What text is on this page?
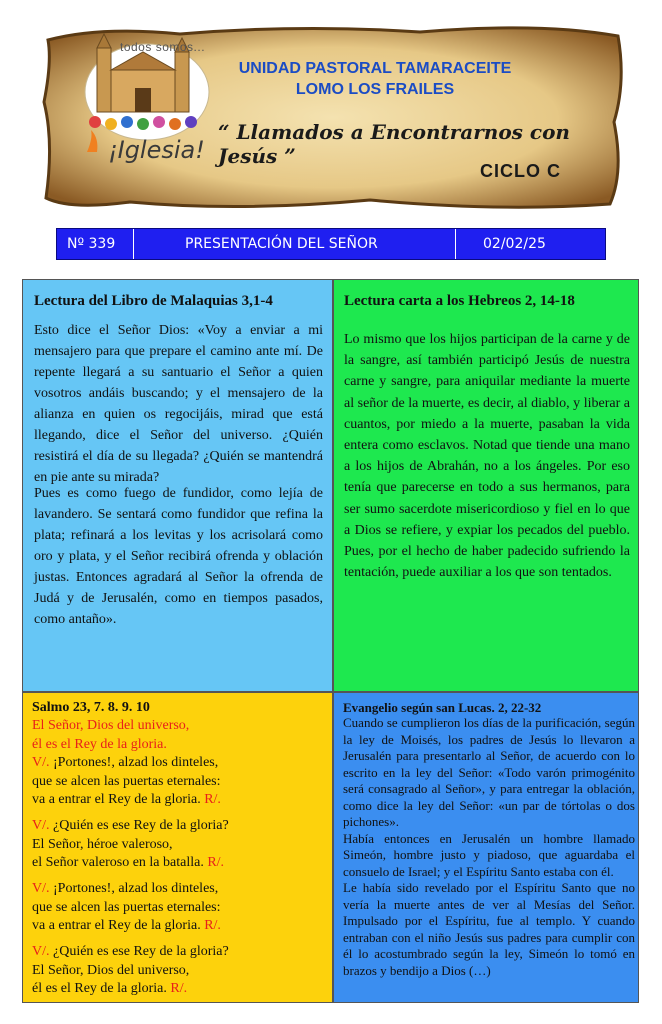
todos somos...
¡Iglesia!
UNIDAD PASTORAL TAMARACEITE
LOMO LOS FRAILES
“ Llamados a Encontrarnos con Jesús ”
CICLO C
Nº 339	PRESENTACIÓN DEL SEÑOR	02/02/25

Lectura del Libro de Malaquias 3,1-4

Esto dice el Señor Dios: «Voy a enviar a mi mensajero para que prepare el camino ante mí. De repente llegará a su santuario el Señor a quien vosotros andáis buscando; y el mensajero de la alianza en quien os regocijáis, mirad que está llegando, dice el Señor del universo. ¿Quién resistirá el día de su llegada? ¿Quién se mantendrá en pie ante su mirada?

Pues es como fuego de fundidor, como lejía de lavandero. Se sentará como fundidor que refina la plata; refinará a los levitas y los acrisolará como oro y plata, y el Señor recibirá ofrenda y oblación justas. Entonces agradará al Señor la ofrenda de Judá y de Jerusalén, como en tiempos pasados, como antaño».

Lectura carta a los Hebreos 2, 14-18

Lo mismo que los hijos participan de la carne y de la sangre, así también participó Jesús de nuestra carne y sangre, para aniquilar mediante la muerte al señor de la muerte, es decir, al diablo, y liberar a cuantos, por miedo a la muerte, pasaban la vida entera como esclavos. Notad que tiende una mano a los hijos de Abrahán, no a los ángeles. Por eso tenía que parecerse en todo a sus hermanos, para ser sumo sacerdote misericordioso y fiel en lo que a Dios se refiere, y expiar los pecados del pueblo. Pues, por el hecho de haber padecido sufriendo la tentación, puede auxiliar a los que son tentados.

Salmo 23, 7. 8. 9. 10

El Señor, Dios del universo,
él es el Rey de la gloria.
V/. ¡Portones!, alzad los dinteles,
que se alcen las puertas eternales:
va a entrar el Rey de la gloria. R/.
V/. ¿Quién es ese Rey de la gloria?
El Señor, héroe valeroso,
el Señor valeroso en la batalla. R/.
V/. ¡Portones!, alzad los dinteles,
que se alcen las puertas eternales:
va a entrar el Rey de la gloria. R/.
V/. ¿Quién es ese Rey de la gloria?
El Señor, Dios del universo,
él es el Rey de la gloria. R/.

Evangelio según san Lucas. 2, 22-32

Cuando se cumplieron los días de la purificación, según la ley de Moisés, los padres de Jesús lo llevaron a Jerusalén para presentarlo al Señor, de acuerdo con lo escrito en la ley del Señor: «Todo varón primogénito será consagrado al Señor», y para entregar la oblación, como dice la ley del Señor: «un par de tórtolas o dos pichones».
Había entonces en Jerusalén un hombre llamado Simeón, hombre justo y piadoso, que aguardaba el consuelo de Israel; y el Espíritu Santo estaba con él.
Le había sido revelado por el Espíritu Santo que no vería la muerte antes de ver al Mesías del Señor. Impulsado por el Espíritu, fue al templo. Y cuando entraban con el niño Jesús sus padres para cumplir con él lo acostumbrado según la ley, Simeón lo tomó en brazos y bendijo a Dios (…)
